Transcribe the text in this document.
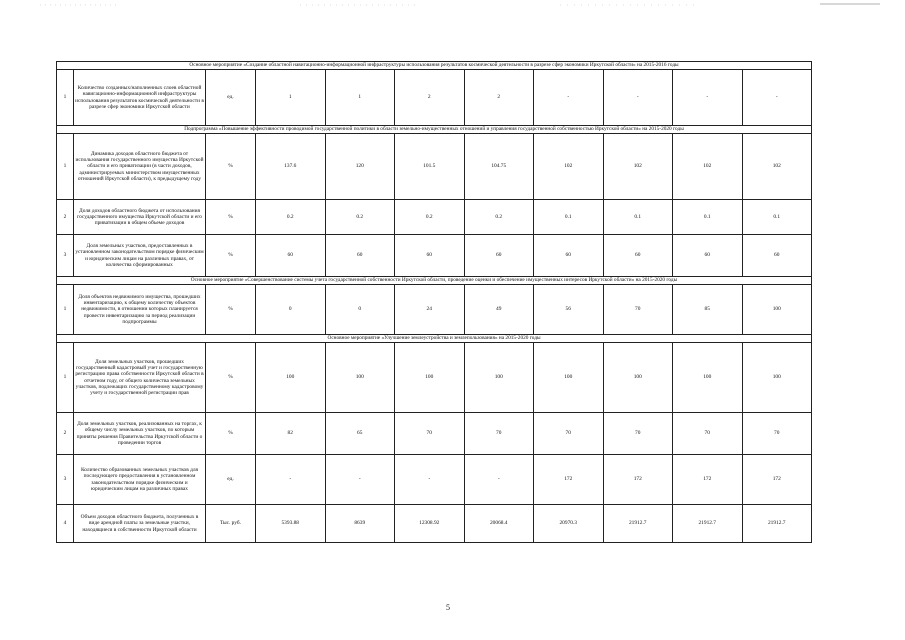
Основное мероприятие «Создание областной навигационно-информационной инфраструктуры использования результатов космической деятельности в разрезе сфер экономики Иркутской области» на 2015-2016 годы										
1	Количество созданных/наполненных слоев областной навигационно-информационной инфраструктуры использования результатов космической деятельности в разрезе сфер экономики Иркутской области	ед.	1	1	2	2	-	-	-	-
Подпрограмма «Повышение эффективности проводимой государственной политики в области земельно-имущественных отношений и управления государственной собственностью Иркутской области» на 2015-2020 годы										
1	Динамика доходов областного бюджета от использования государственного имущества Иркутской области и его приватизации (в части доходов, администрируемых министерством имущественных отношений Иркутской области), к предыдущему году	%	137.6	120	101.5	104.75	102	102	102	102
2	Доля доходов областного бюджета от использования государственного имущества Иркутской области и его приватизации в общем объеме доходов	%	0.2	0.2	0.2	0.2	0.1	0.1	0.1	0.1
3	Доля земельных участков, предоставленных в установленном законодательством порядке физическим и юридическим лицам на различных правах, от количества сформированных	%	60	60	60	60	60	60	60	60
Основное мероприятие «Совершенствование системы учета государственной собственности Иркутской области, проведение оценки и обеспечение имущественных интересов Иркутской области» на 2015-2020 годы										
1	Доля объектов недвижимого имущества, прошедших инвентаризацию, к общему количеству объектов недвижимости, в отношении которых планируется провести инвентаризацию за период реализации подпрограммы	%	0	0	24	49	56	70	85	100
Основное мероприятие «Улучшение землеустройства и землепользования» на 2015-2020 годы										
1	Доля земельных участков, прошедших государственный кадастровый учет и государственную регистрацию права собственности Иркутской области в отчетном году, от общего количества земельных участков, подлежащих государственному кадастровому учету и государственной регистрации прав	%	100	100	100	100	100	100	100	100
2	Доля земельных участков, реализованных на торгах, к общему числу земельных участков, по которым приняты решения Правительства Иркутской области о проведении торгов	%	82	65	70	70	70	70	70	70
3	Количество образованных земельных участков для последующего предоставления в установленном законодательством порядке физическим и юридическим лицам на различных правах	ед.	-	-	-	-	172	172	172	172
4	Объем доходов областного бюджета, полученных в виде арендной платы за земельные участки, находящиеся в собственности Иркутской области	Тыс. руб.	5393.88	8639	12308.92	20068.4	20970.3	21912.7	21912.7	21912.7
5
